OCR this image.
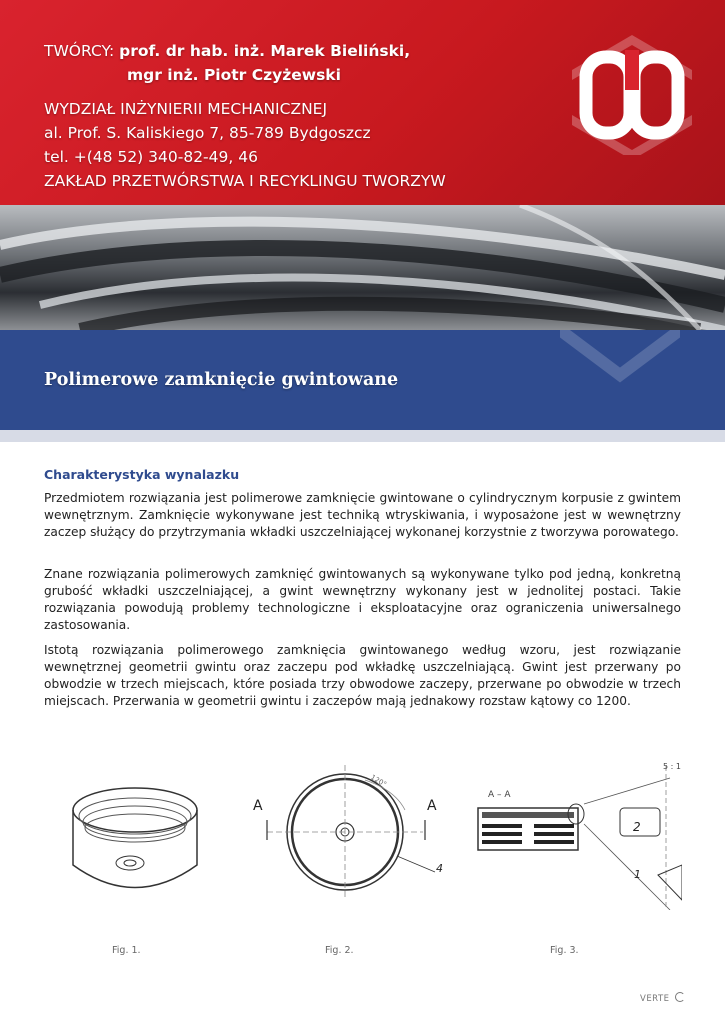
TWÓRCY: prof. dr hab. inż. Marek Bieliński,
mgr inż. Piotr Czyżewski
WYDZIAŁ INŻYNIERII MECHANICZNEJ
al. Prof. S. Kaliskiego 7, 85-789 Bydgoszcz
tel. +(48 52) 340-82-49, 46
ZAKŁAD PRZETWÓRSTWA I RECYKLINGU TWORZYW
Polimerowe zamknięcie gwintowane
Charakterystyka wynalazku

Przedmiotem rozwiązania jest polimerowe zamknięcie gwintowane o cylindrycznym korpusie z gwintem wewnętrznym. Zamknięcie wykonywane jest techniką wtryskiwania, i wyposażone jest w wewnętrzny zaczep służący do przytrzymania wkładki uszczelniającej wykonanej korzystnie z tworzywa porowatego.

Znane rozwiązania polimerowych zamknięć gwintowanych są wykonywane tylko pod jedną, konkretną grubość wkładki uszczelniającej, a gwint wewnętrzny wykonany jest w jednolitej postaci. Takie rozwiązania powodują problemy technologiczne i eksploatacyjne oraz ograniczenia uniwersalnego zastosowania.

Istotą rozwiązania polimerowego zamknięcia gwintowanego według wzoru, jest rozwiązanie wewnętrznej geometrii gwintu oraz zaczepu pod wkładkę uszczelniającą. Gwint jest przerwany po obwodzie w trzech miejscach, które posiada trzy obwodowe zaczepy, przerwane po obwodzie w trzech miejscach. Przerwania w geometrii gwintu i zaczepów mają jednakowy rozstaw kątowy co 1200.

A	A
4
120°
A – A
5 : 1
2
1
Fig. 1.	Fig. 2.	Fig. 3.
VERTE
